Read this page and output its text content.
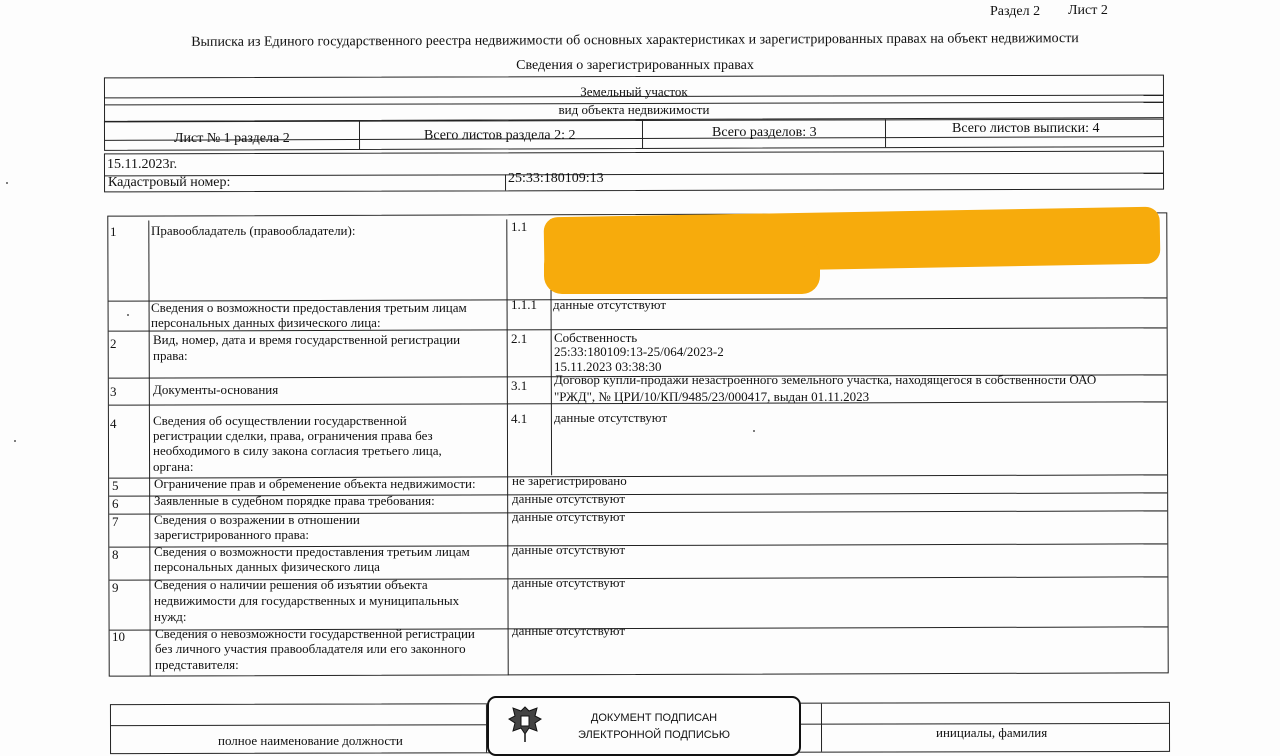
Раздел 2 Лист 2
Выписка из Единого государственного реестра недвижимости об основных характеристиках и зарегистрированных правах на объект недвижимости
Сведения о зарегистрированных правах
Земельный участок
вид объекта недвижимости
Лист № 1 раздела 2	Всего листов раздела 2: 2	Всего разделов: 3	Всего листов выписки: 4
15.11.2023г.
Кадастровый номер:	25:33:180109:13
1	Правообладатель (правообладатели):	1.1
Сведения о возможности предоставления третьим лицам
персональных данных физического лица:
1.1.1 данные отсутствуют
2	Вид, номер, дата и время государственной регистрации
права:
2.1 Собственность
25:33:180109:13-25/064/2023-2
15.11.2023 03:38:30
3	Документы-основания	3.1 Договор купли-продажи незастроенного земельного участка, находящегося в собственности ОАО
"РЖД", № ЦРИ/10/КП/9485/23/000417, выдан 01.11.2023
4	Сведения об осуществлении государственной
регистрации сделки, права, ограничения права без
необходимого в силу закона согласия третьего лица,
органа:
4.1 данные отсутствуют
5	Ограничение прав и обременение объекта недвижимости:	не зарегистрировано
6	Заявленные в судебном порядке права требования:	данные отсутствуют
7	Сведения о возражении в отношении
зарегистрированного права:
данные отсутствуют
8	Сведения о возможности предоставления третьим лицам
персональных данных физического лица
данные отсутствуют
9	Сведения о наличии решения об изъятии объекта
недвижимости для государственных и муниципальных
нужд:
данные отсутствуют
10 Сведения о невозможности государственной регистрации
без личного участия правообладателя или его законного
представителя:
данные отсутствуют
полное наименование должности
инициалы, фамилия
ДОКУМЕНТ ПОДПИСАН
ЭЛЕКТРОННОЙ ПОДПИСЬЮ
